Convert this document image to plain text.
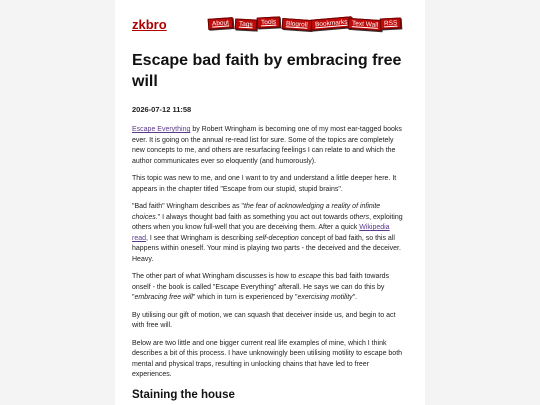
zkbro	About	Tags	Tools	Blogroll	Bookmarks Text Wall RSS
Escape bad faith by embracing free will
2026-07-12 11:58

Escape Everything by Robert Wringham is becoming one of my most ear-tagged books ever. It is going on the annual re-read list for sure. Some of the topics are completely new concepts to me, and others are resurfacing feelings I can relate to and which the author communicates ever so eloquently (and humorously).

This topic was new to me, and one I want to try and understand a little deeper here. It appears in the chapter titled "Escape from our stupid, stupid brains".

"Bad faith" Wringham describes as "the fear of acknowledging a reality of infinite choices." I always thought bad faith as something you act out towards others, exploiting others when you know full-well that you are deceiving them. After a quick Wikipedia read, I see that Wringham is describing self-deception concept of bad faith, so this all happens within oneself. Your mind is playing two parts - the deceived and the deceiver. Heavy.

The other part of what Wringham discusses is how to escape this bad faith towards onself - the book is called "Escape Everything" afterall. He says we can do this by "embracing free will" which in turn is experienced by "exercising motility".

By utilising our gift of motion, we can squash that deceiver inside us, and begin to act with free will.

Below are two little and one bigger current real life examples of mine, which I think describes a bit of this process. I have unknowingly been utilising motility to escape both mental and physical traps, resulting in unlocking chains that have led to freer experiences.

Staining the house
